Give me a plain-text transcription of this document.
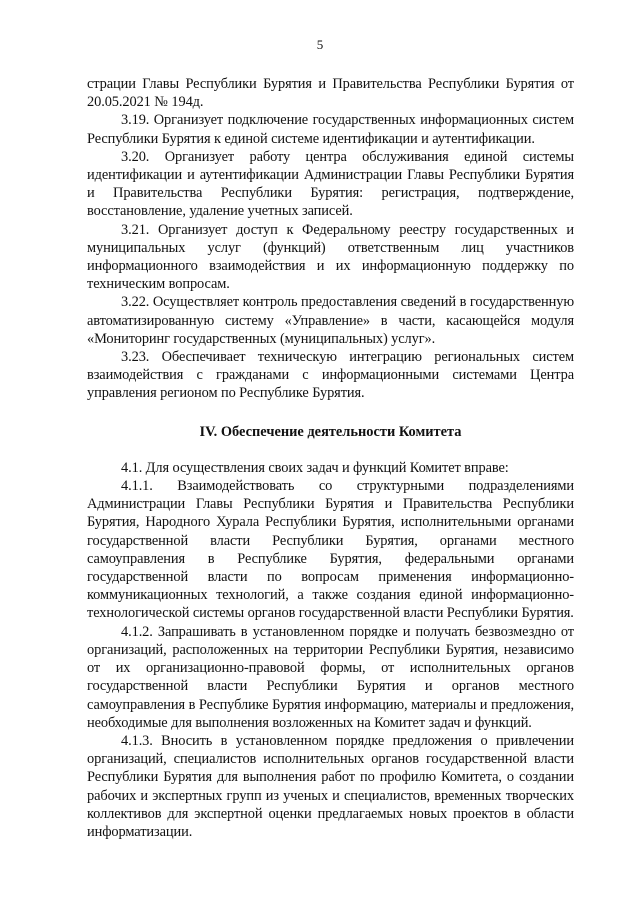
5

страции Главы Республики Бурятия и Правительства Республики Бурятия от 20.05.2021 № 194д.

3.19. Организует подключение государственных информационных систем Республики Бурятия к единой системе идентификации и аутентификации.

3.20. Организует работу центра обслуживания единой системы идентификации и аутентификации Администрации Главы Республики Бурятия и Правительства Республики Бурятия: регистрация, подтверждение, восстановление, удаление учетных записей.

3.21. Организует доступ к Федеральному реестру государственных и муниципальных услуг (функций) ответственным лиц участников информационного взаимодействия и их информационную поддержку по техническим вопросам.

3.22. Осуществляет контроль предоставления сведений в государственную автоматизированную систему «Управление» в части, касающейся модуля «Мониторинг государственных (муниципальных) услуг».

3.23. Обеспечивает техническую интеграцию региональных систем взаимодействия с гражданами с информационными системами Центра управления регионом по Республике Бурятия.

IV. Обеспечение деятельности Комитета

4.1. Для осуществления своих задач и функций Комитет вправе:

4.1.1. Взаимодействовать со структурными подразделениями Администрации Главы Республики Бурятия и Правительства Республики Бурятия, Народного Хурала Республики Бурятия, исполнительными органами государственной власти Республики Бурятия, органами местного самоуправления в Республике Бурятия, федеральными органами государственной власти по вопросам применения информационно-коммуникационных технологий, а также создания единой информационно-технологической системы органов государственной власти Республики Бурятия.

4.1.2. Запрашивать в установленном порядке и получать безвозмездно от организаций, расположенных на территории Республики Бурятия, независимо от их организационно-правовой формы, от исполнительных органов государственной власти Республики Бурятия и органов местного самоуправления в Республике Бурятия информацию, материалы и предложения, необходимые для выполнения возложенных на Комитет задач и функций.

4.1.3. Вносить в установленном порядке предложения о привлечении организаций, специалистов исполнительных органов государственной власти Республики Бурятия для выполнения работ по профилю Комитета, о создании рабочих и экспертных групп из ученых и специалистов, временных творческих коллективов для экспертной оценки предлагаемых новых проектов в области информатизации.
